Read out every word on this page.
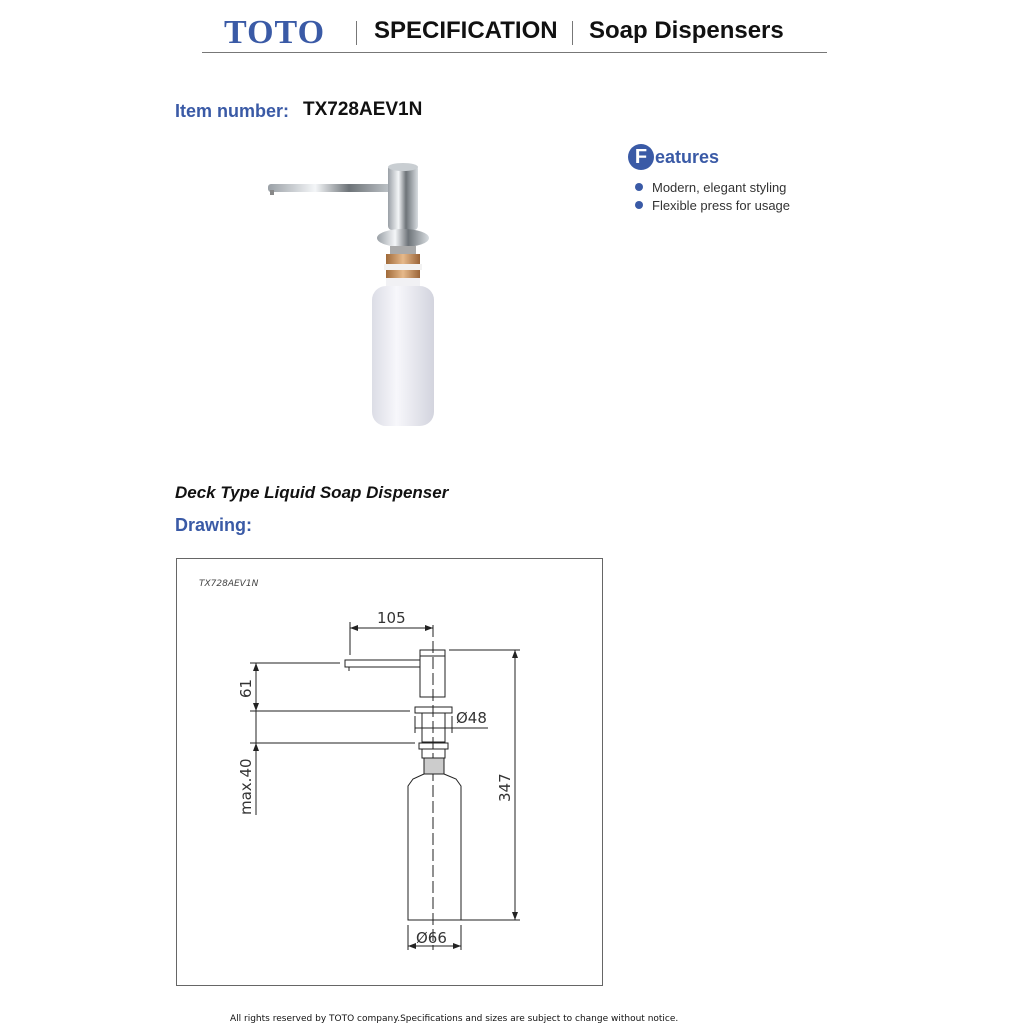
TOTO SPECIFICATION Soap Dispensers
Item number: TX728AEV1N
F eatures
Modern, elegant styling
Flexible press for usage
Deck Type Liquid Soap Dispenser
Drawing:
TX728AEV1N
105
Ø48
Ø66
61
max.40	347
All rights reserved by TOTO company.Specifications and sizes are subject to change without notice.
